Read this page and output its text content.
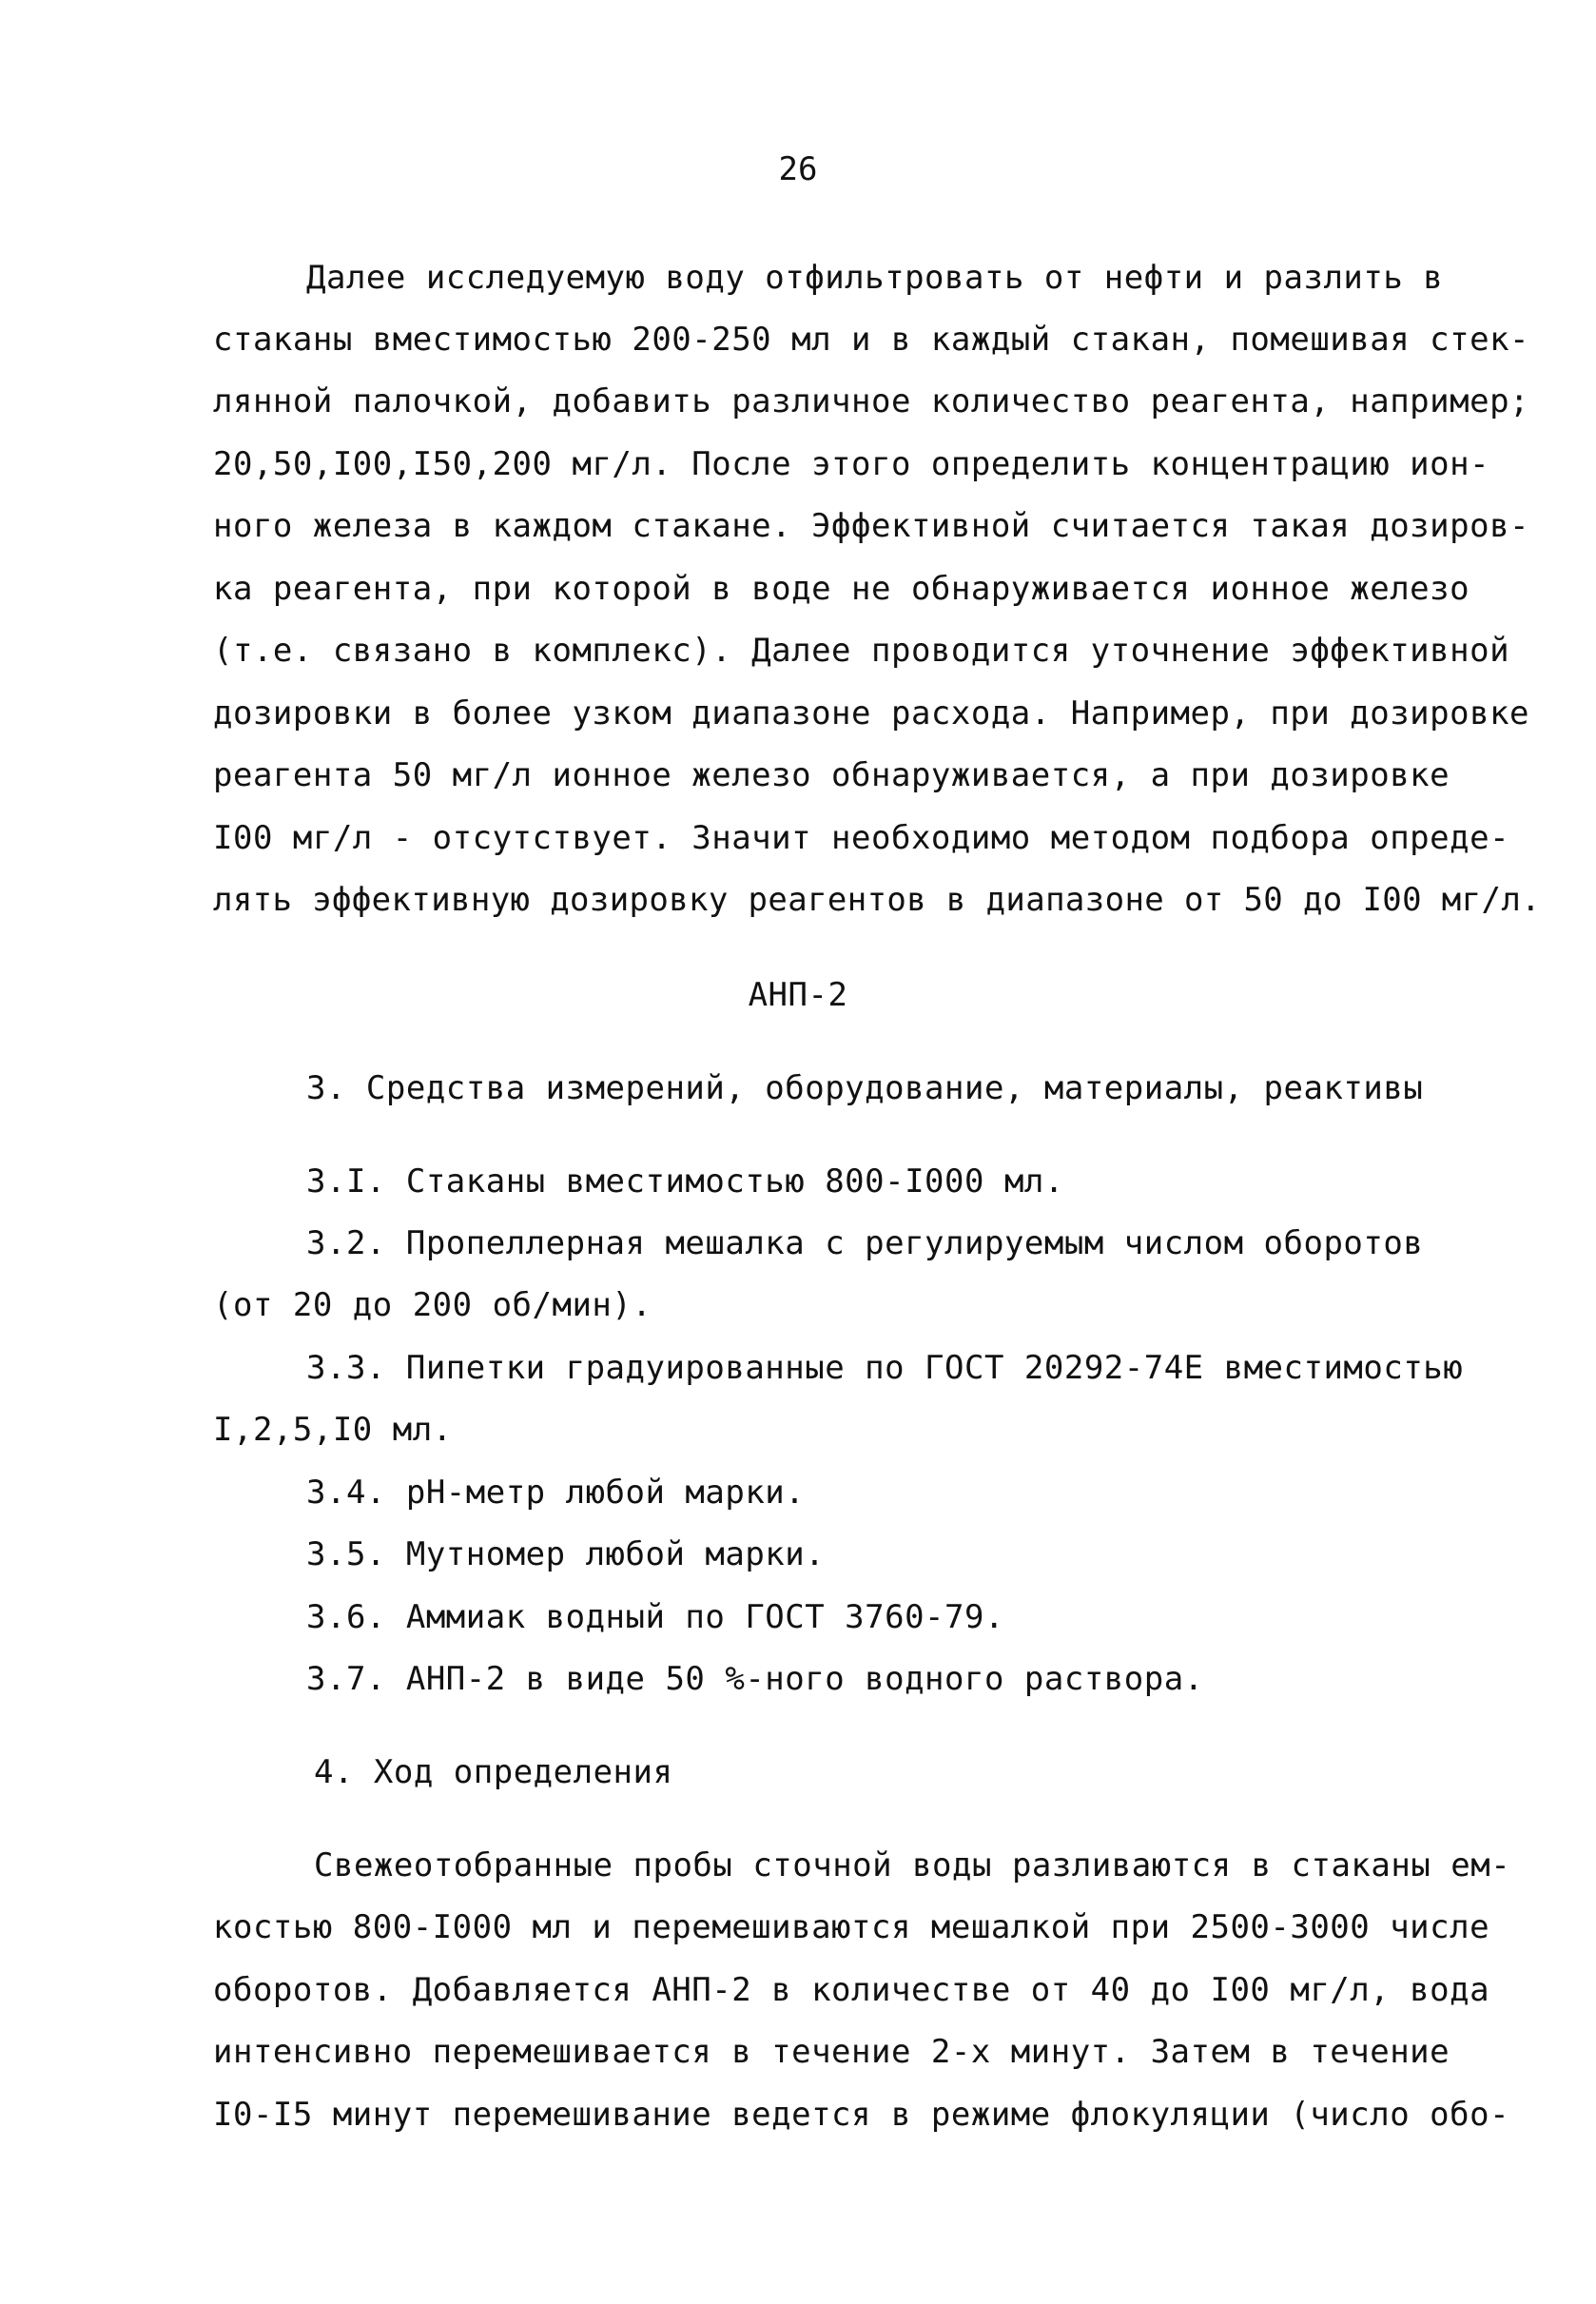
26
Далее исследуемую воду отфильтровать от нефти и разлить в
стаканы вместимостью 200-250 мл и в каждый стакан, помешивая стек-
лянной палочкой, добавить различное количество реагента, например;
20,50,I00,I50,200 мг/л. После этого определить концентрацию ион-
ного железа в каждом стакане. Эффективной считается такая дозиров-
ка реагента, при которой в воде не обнаруживается ионное железо
(т.е. связано в комплекс). Далее проводится уточнение эффективной
дозировки в более узком диапазоне расхода. Например, при дозировке
реагента 50 мг/л ионное железо обнаруживается, а при дозировке
I00 мг/л - отсутствует. Значит необходимо методом подбора опреде-
лять эффективную дозировку реагентов в диапазоне от 50 до I00 мг/л.
АНП-2
3. Средства измерений, оборудование, материалы, реактивы
3.I. Стаканы вместимостью 800-I000 мл.
3.2. Пропеллерная мешалка с регулируемым числом оборотов
(от 20 до 200 об/мин).
3.3. Пипетки градуированные по ГОСТ 20292-74Е вместимостью
I,2,5,I0 мл.
3.4. pH-метр любой марки.
3.5. Мутномер любой марки.
3.6. Аммиак водный по ГОСТ 3760-79.
3.7. АНП-2 в виде 50 %-ного водного раствора.
4. Ход определения
Свежеотобранные пробы сточной воды разливаются в стаканы ем-
костью 800-I000 мл и перемешиваются мешалкой при 2500-3000 числе
оборотов. Добавляется АНП-2 в количестве от 40 до I00 мг/л, вода
интенсивно перемешивается в течение 2-х минут. Затем в течение
I0-I5 минут перемешивание ведется в режиме флокуляции (число обо-
